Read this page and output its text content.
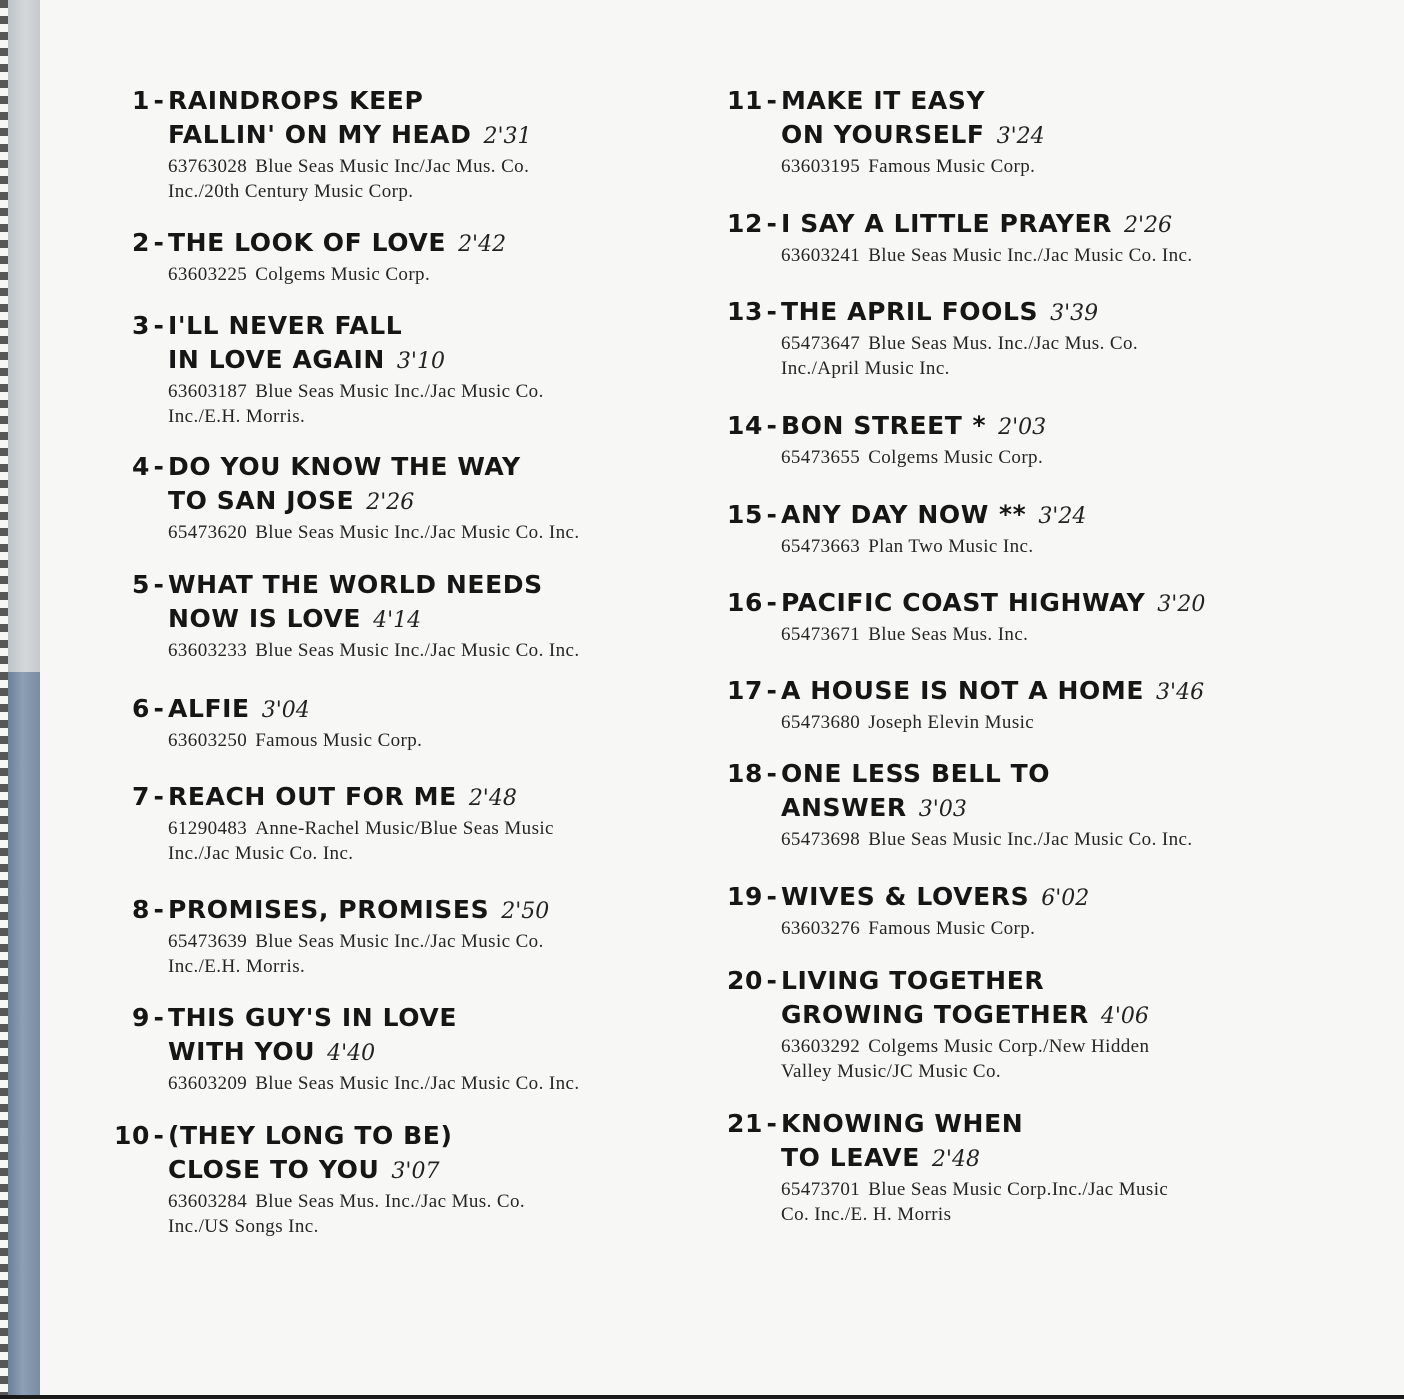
1 - RAINDROPS KEEP
FALLIN' ON MY HEAD 2'31
63763028 Blue Seas Music Inc/Jac Mus. Co.
Inc./20th Century Music Corp.
2 - THE LOOK OF LOVE 2'42
63603225 Colgems Music Corp.
3 - I'LL NEVER FALL
IN LOVE AGAIN 3'10
63603187 Blue Seas Music Inc./Jac Music Co.
Inc./E.H. Morris.
4 - DO YOU KNOW THE WAY
TO SAN JOSE 2'26
65473620 Blue Seas Music Inc./Jac Music Co. Inc.
5 - WHAT THE WORLD NEEDS
NOW IS LOVE 4'14
63603233 Blue Seas Music Inc./Jac Music Co. Inc.
6 - ALFIE 3'04
63603250 Famous Music Corp.
7 - REACH OUT FOR ME 2'48
61290483 Anne-Rachel Music/Blue Seas Music
Inc./Jac Music Co. Inc.
8 - PROMISES, PROMISES 2'50
65473639 Blue Seas Music Inc./Jac Music Co.
Inc./E.H. Morris.
9 - THIS GUY'S IN LOVE
WITH YOU 4'40
63603209 Blue Seas Music Inc./Jac Music Co. Inc.
10 - (THEY LONG TO BE)
CLOSE TO YOU 3'07
63603284 Blue Seas Mus. Inc./Jac Mus. Co.
Inc./US Songs Inc.
11 - MAKE IT EASY
ON YOURSELF 3'24
63603195 Famous Music Corp.
12 - I SAY A LITTLE PRAYER 2'26
63603241 Blue Seas Music Inc./Jac Music Co. Inc.
13 - THE APRIL FOOLS 3'39
65473647 Blue Seas Mus. Inc./Jac Mus. Co.
Inc./April Music Inc.
14 - BON STREET * 2'03
65473655 Colgems Music Corp.
15 - ANY DAY NOW ** 3'24
65473663 Plan Two Music Inc.
16 - PACIFIC COAST HIGHWAY 3'20
65473671 Blue Seas Mus. Inc.
17 - A HOUSE IS NOT A HOME 3'46
65473680 Joseph Elevin Music
18 - ONE LESS BELL TO
ANSWER 3'03
65473698 Blue Seas Music Inc./Jac Music Co. Inc.
19 - WIVES & LOVERS 6'02
63603276 Famous Music Corp.
20 - LIVING TOGETHER
GROWING TOGETHER 4'06
63603292 Colgems Music Corp./New Hidden
Valley Music/JC Music Co.
21 - KNOWING WHEN
TO LEAVE 2'48
65473701 Blue Seas Music Corp.Inc./Jac Music
Co. Inc./E. H. Morris
